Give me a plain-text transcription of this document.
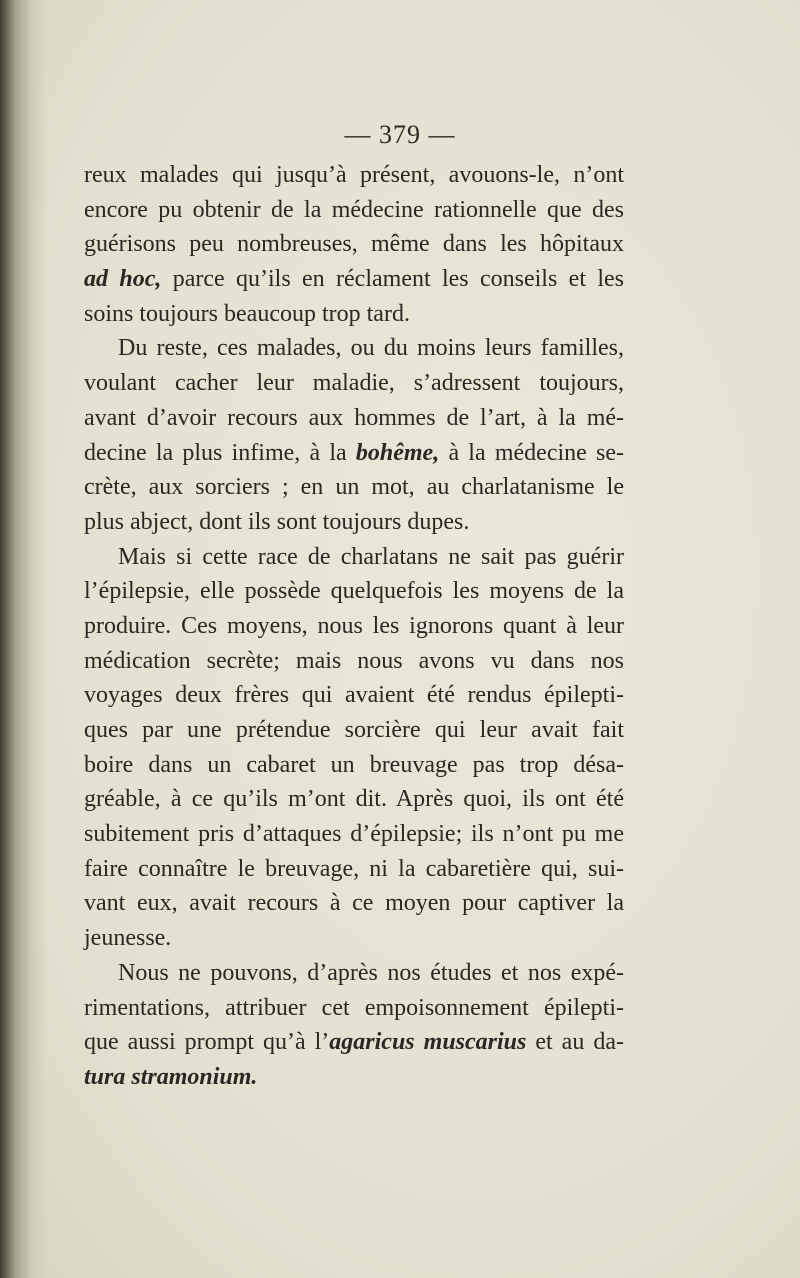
— 379 —
reux malades qui jusqu’à présent, avouons-le, n’ont
encore pu obtenir de la médecine rationnelle que des
guérisons peu nombreuses, même dans les hôpitaux
ad hoc, parce qu’ils en réclament les conseils et les
soins toujours beaucoup trop tard.
Du reste, ces malades, ou du moins leurs familles,
voulant cacher leur maladie, s’adressent toujours,
avant d’avoir recours aux hommes de l’art, à la mé-
decine la plus infime, à la bohême, à la médecine se-
crète, aux sorciers ; en un mot, au charlatanisme le
plus abject, dont ils sont toujours dupes.
Mais si cette race de charlatans ne sait pas guérir
l’épilepsie, elle possède quelquefois les moyens de la
produire. Ces moyens, nous les ignorons quant à leur
médication secrète; mais nous avons vu dans nos
voyages deux frères qui avaient été rendus épilepti-
ques par une prétendue sorcière qui leur avait fait
boire dans un cabaret un breuvage pas trop désa-
gréable, à ce qu’ils m’ont dit. Après quoi, ils ont été
subitement pris d’attaques d’épilepsie; ils n’ont pu me
faire connaître le breuvage, ni la cabaretière qui, sui-
vant eux, avait recours à ce moyen pour captiver la
jeunesse.
Nous ne pouvons, d’après nos études et nos expé-
rimentations, attribuer cet empoisonnement épilepti-
que aussi prompt qu’à l’agaricus muscarius et au da-
tura stramonium.
